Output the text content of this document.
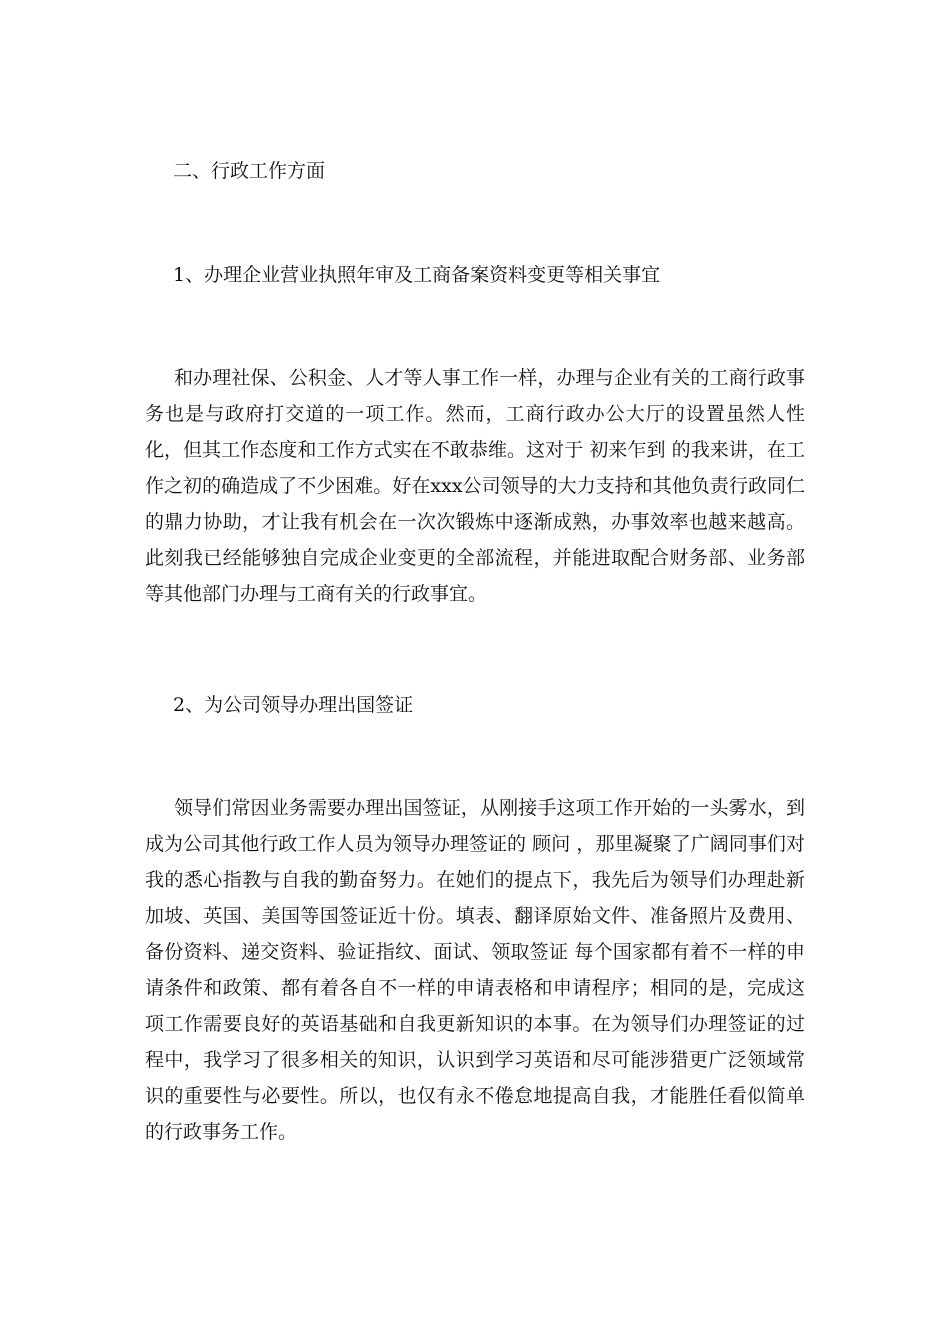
二、行政工作方面
1、办理企业营业执照年审及工商备案资料变更等相关事宜
和办理社保、公积金、人才等人事工作一样，办理与企业有关的工商行政事务也是与政府打交道的一项工作。然而，工商行政办公大厅的设置虽然人性化，但其工作态度和工作方式实在不敢恭维。这对于 初来乍到 的我来讲，在工作之初的确造成了不少困难。好在xxx公司领导的大力支持和其他负责行政同仁的鼎力协助，才让我有机会在一次次锻炼中逐渐成熟，办事效率也越来越高。此刻我已经能够独自完成企业变更的全部流程，并能进取配合财务部、业务部等其他部门办理与工商有关的行政事宜。
2、为公司领导办理出国签证
领导们常因业务需要办理出国签证，从刚接手这项工作开始的一头雾水，到成为公司其他行政工作人员为领导办理签证的 顾问 ，那里凝聚了广阔同事们对我的悉心指教与自我的勤奋努力。在她们的提点下，我先后为领导们办理赴新加坡、英国、美国等国签证近十份。填表、翻译原始文件、准备照片及费用、备份资料、递交资料、验证指纹、面试、领取签证 每个国家都有着不一样的申请条件和政策、都有着各自不一样的申请表格和申请程序；相同的是，完成这项工作需要良好的英语基础和自我更新知识的本事。在为领导们办理签证的过程中，我学习了很多相关的知识，认识到学习英语和尽可能涉猎更广泛领域常识的重要性与必要性。所以，也仅有永不倦怠地提高自我，才能胜任看似简单的行政事务工作。
